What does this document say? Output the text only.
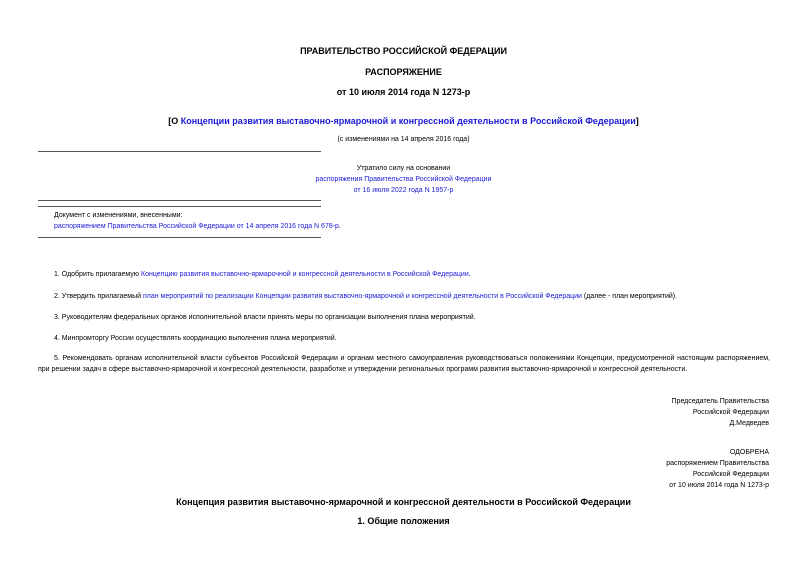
ПРАВИТЕЛЬСТВО РОССИЙСКОЙ ФЕДЕРАЦИИ
РАСПОРЯЖЕНИЕ
от 10 июля 2014 года N 1273-р
[О Концепции развития выставочно-ярмарочной и конгрессной деятельности в Российской Федерации]
(с изменениями на 14 апреля 2016 года)
Утратило силу на основании
распоряжения Правительства Российской Федерации
от 16 июля 2022 года N 1957-р
Документ с изменениями, внесенными:
распоряжением Правительства Российской Федерации от 14 апреля 2016 года N 678-р.
1. Одобрить прилагаемую Концепцию развития выставочно-ярмарочной и конгрессной деятельности в Российской Федерации.
2. Утвердить прилагаемый план мероприятий по реализации Концепции развития выставочно-ярмарочной и конгрессной деятельности в Российской Федерации (далее - план мероприятий).
3. Руководителям федеральных органов исполнительной власти принять меры по организации выполнения плана мероприятий.
4. Минпромторгу России осуществлять координацию выполнения плана мероприятий.
5. Рекомендовать органам исполнительной власти субъектов Российской Федерации и органам местного самоуправления руководствоваться положениями Концепции, предусмотренной настоящим распоряжением, при решении задач в сфере выставочно-ярмарочной и конгрессной деятельности, разработке и утверждении региональных программ развития выставочно-ярмарочной и конгрессной деятельности.
Председатель Правительства
Российской Федерации
Д.Медведев
ОДОБРЕНА
распоряжением Правительства
Российской Федерации
от 10 июля 2014 года N 1273-р
Концепция развития выставочно-ярмарочной и конгрессной деятельности в Российской Федерации
1. Общие положения
